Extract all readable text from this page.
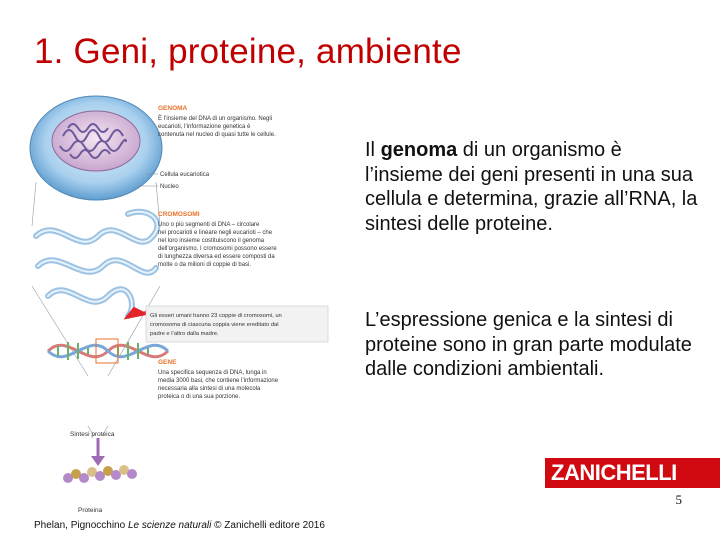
1. Geni, proteine, ambiente
GENOMA
È l’insieme del DNA di un organismo. Negli
eucarioti, l’informazione genetica è
contenuta nel nucleo di quasi tutte le cellule.
Cellula eucariotica
Nucleo
CROMOSOMI
Uno o più segmenti di DNA – circolare
nei procarioti e lineare negli eucarioti – che
nel loro insieme costituiscono il genoma
dell’organismo. I cromosomi possono essere
di lunghezza diversa ed essere composti da
molte o da milioni di coppie di basi.
Gli esseri umani hanno 23 coppie di cromosomi, un
cromosoma di ciascuna coppia viene ereditato dal
padre e l’altro dalla madre.
GENE
Una specifica sequenza di DNA, lunga in
media 3000 basi, che contiene l’informazione
necessaria alla sintesi di una molecola
proteica o di una sua porzione.
Sintesi proteica
Proteina

Il genoma di un organismo è l’insieme dei geni presenti in una sua cellula e determina, grazie all’RNA, la sintesi delle proteine.

L’espressione genica e la sintesi di proteine sono in gran parte modulate dalle condizioni ambientali.

ZANICHELLI
5
Phelan, Pignocchino Le scienze naturali © Zanichelli editore 2016
